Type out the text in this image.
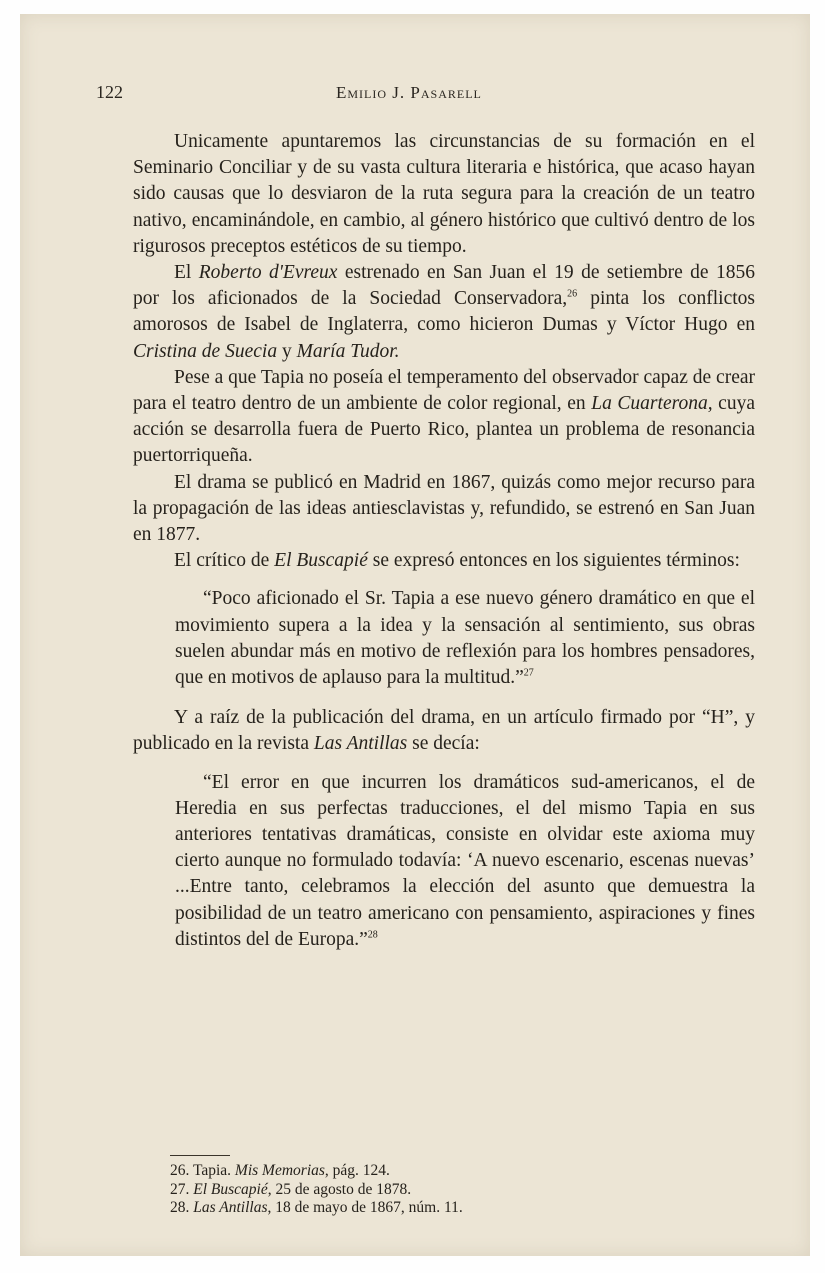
122	Emilio J. Pasarell

Unicamente apuntaremos las circunstancias de su formación en el Seminario Conciliar y de su vasta cultura literaria e histórica, que acaso hayan sido causas que lo desviaron de la ruta segura para la creación de un teatro nativo, encaminándole, en cambio, al género histórico que cultivó dentro de los rigurosos preceptos estéticos de su tiempo.

El Roberto d'Evreux estrenado en San Juan el 19 de setiembre de 1856 por los aficionados de la Sociedad Conservadora,$^{26}$ pinta los conflictos amorosos de Isabel de Inglaterra, como hicieron Dumas y Víctor Hugo en Cristina de Suecia y María Tudor.

Pese a que Tapia no poseía el temperamento del observador capaz de crear para el teatro dentro de un ambiente de color regional, en La Cuarterona, cuya acción se desarrolla fuera de Puerto Rico, plantea un problema de resonancia puertorriqueña.

El drama se publicó en Madrid en 1867, quizás como mejor recurso para la propagación de las ideas antiesclavistas y, refundido, se estrenó en San Juan en 1877.

El crítico de El Buscapié se expresó entonces en los siguientes términos:

“Poco aficionado el Sr. Tapia a ese nuevo género dramático en que el movimiento supera a la idea y la sensación al sentimiento, sus obras suelen abundar más en motivo de reflexión para los hombres pensadores, que en motivos de aplauso para la multitud.”$^{27}$

Y a raíz de la publicación del drama, en un artículo firmado por “H”, y publicado en la revista Las Antillas se decía:

“El error en que incurren los dramáticos sud-americanos, el de Heredia en sus perfectas traducciones, el del mismo Tapia en sus anteriores tentativas dramáticas, consiste en olvidar este axioma muy cierto aunque no formulado todavía: ‘A nuevo escenario, escenas nuevas’ ...Entre tanto, celebramos la elección del asunto que demuestra la posibilidad de un teatro americano con pensamiento, aspiraciones y fines distintos del de Europa.”$^{28}$

26. Tapia. Mis Memorias, pág. 124.

27. El Buscapié, 25 de agosto de 1878.

28. Las Antillas, 18 de mayo de 1867, núm. 11.
